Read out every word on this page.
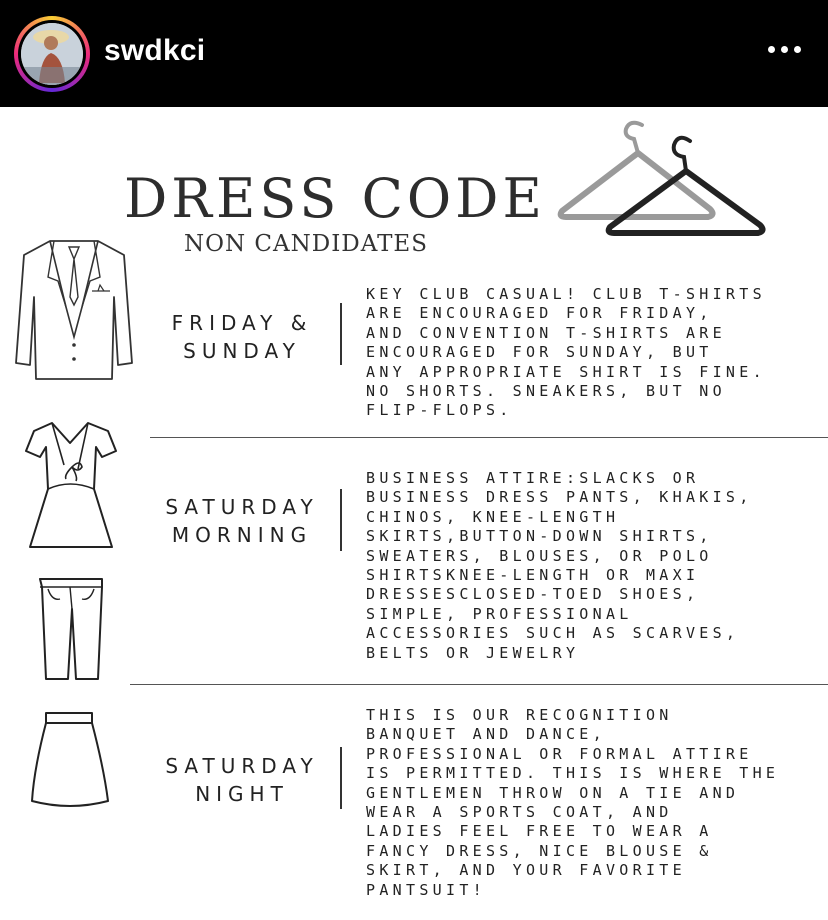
swdkci
DRESS CODE
NON CANDIDATES
FRIDAY &
SUNDAY
KEY CLUB CASUAL! CLUB T-SHIRTS
ARE ENCOURAGED FOR FRIDAY,
AND CONVENTION T-SHIRTS ARE
ENCOURAGED FOR SUNDAY, BUT
ANY APPROPRIATE SHIRT IS FINE.
NO SHORTS. SNEAKERS, BUT NO
FLIP-FLOPS.
SATURDAY
MORNING
BUSINESS ATTIRE:SLACKS OR
BUSINESS DRESS PANTS, KHAKIS,
CHINOS, KNEE-LENGTH
SKIRTS,BUTTON-DOWN SHIRTS,
SWEATERS, BLOUSES, OR POLO
SHIRTSKNEE-LENGTH OR MAXI
DRESSESCLOSED-TOED SHOES,
SIMPLE, PROFESSIONAL
ACCESSORIES SUCH AS SCARVES,
BELTS OR JEWELRY
SATURDAY
NIGHT
THIS IS OUR RECOGNITION
BANQUET AND DANCE,
PROFESSIONAL OR FORMAL ATTIRE
IS PERMITTED. THIS IS WHERE THE
GENTLEMEN THROW ON A TIE AND
WEAR A SPORTS COAT, AND
LADIES FEEL FREE TO WEAR A
FANCY DRESS, NICE BLOUSE &
SKIRT, AND YOUR FAVORITE
PANTSUIT!
